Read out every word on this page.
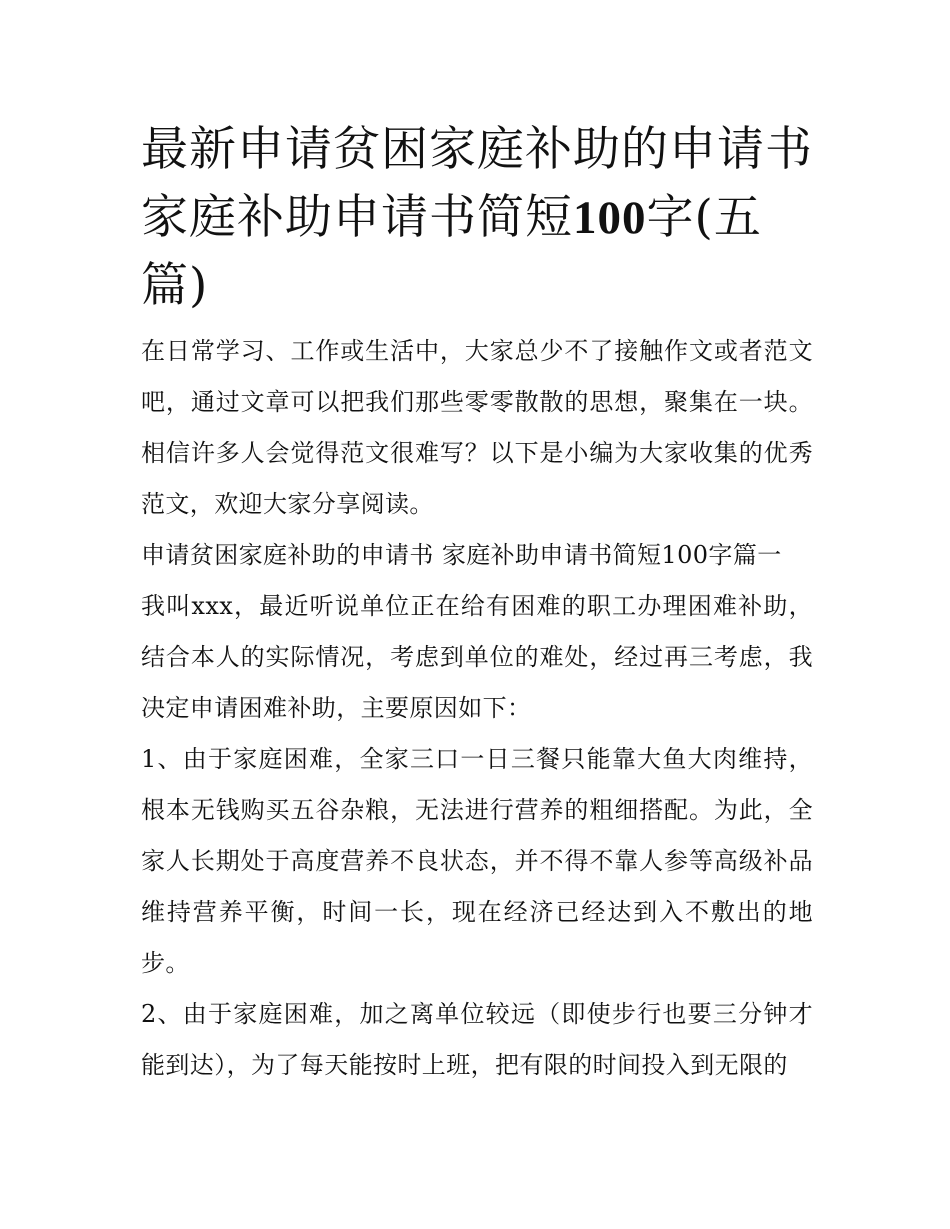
最新申请贫困家庭补助的申请书 家庭补助申请书简短100字(五篇)

在日常学习、工作或生活中，大家总少不了接触作文或者范文吧，通过文章可以把我们那些零零散散的思想，聚集在一块。相信许多人会觉得范文很难写？以下是小编为大家收集的优秀范文，欢迎大家分享阅读。

申请贫困家庭补助的申请书 家庭补助申请书简短100字篇一

我叫xxx，最近听说单位正在给有困难的职工办理困难补助，结合本人的实际情况，考虑到单位的难处，经过再三考虑，我决定申请困难补助，主要原因如下：

1、由于家庭困难，全家三口一日三餐只能靠大鱼大肉维持，根本无钱购买五谷杂粮，无法进行营养的粗细搭配。为此，全家人长期处于高度营养不良状态，并不得不靠人参等高级补品维持营养平衡，时间一长，现在经济已经达到入不敷出的地步。

2、由于家庭困难，加之离单位较远（即使步行也要三分钟才能到达），为了每天能按时上班，把有限的时间投入到无限的
